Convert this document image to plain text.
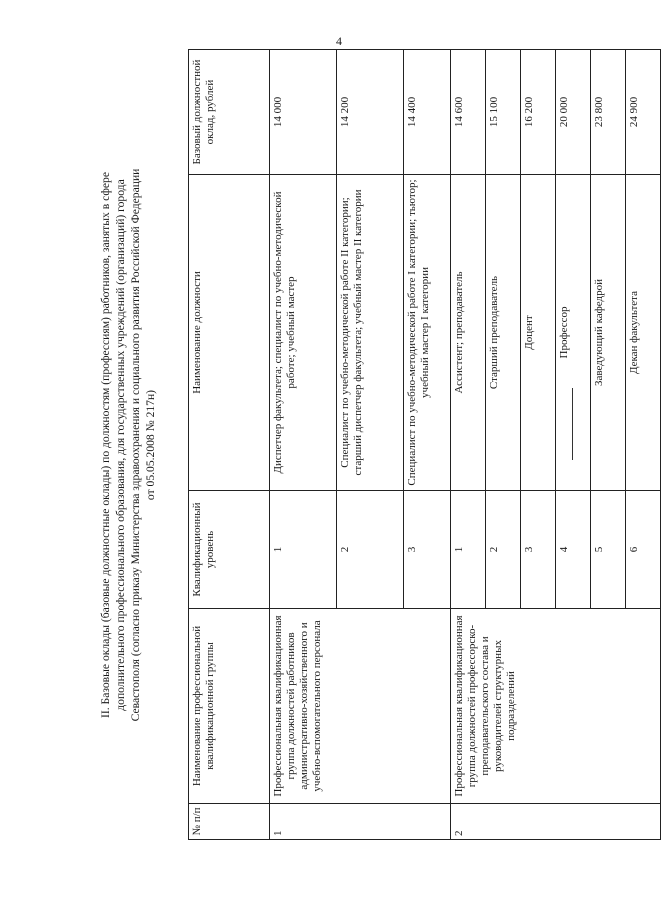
4
II. Базовые оклады (базовые должностные оклады) по должностям (профессиям) работников, занятых в сфере дополнительного профессионального образования, для государственных учреждений (организаций) города Севастополя (согласно приказу Министерства здравоохранения и социального развития Российской Федерации от 05.05.2008 № 217н)
№ п/п	Наименование профессиональной квалификационной группы	Квалификационный уровень	Наименование должности	Базовый должностной оклад, рублей
1	Профессиональная квалификационная группа должностей работников административно-хозяйственного и учебно-вспомогательного персонала	1	Диспетчер факультета; специалист по учебно-методической работе; учебный мастер	14 000
		2	Специалист по учебно-методической работе II категории; старший диспетчер факультета; учебный мастер II категории	14 200
		3	Специалист по учебно-методической работе I категории; тьютор; учебный мастер I категории	14 400
2	Профессиональная квалификационная группа должностей профессорско-преподавательского состава и руководителей структурных подразделений	1	Ассистент; преподаватель	14 600
		2	Старший преподаватель	15 100
		3	Доцент	16 200
		4	Профессор	20 000
		5	Заведующий кафедрой	23 800
		6	Декан факультета	24 900
